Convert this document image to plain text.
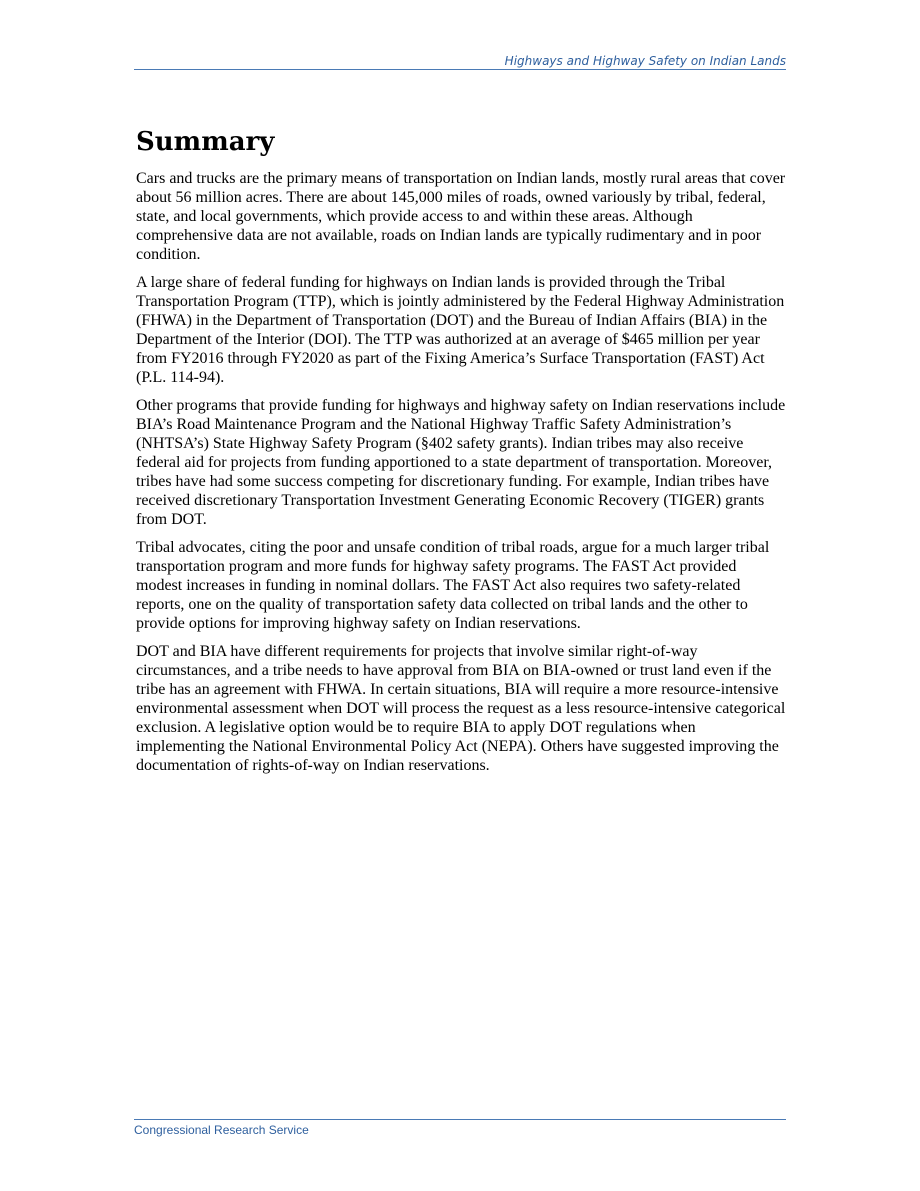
Highways and Highway Safety on Indian Lands
Summary

Cars and trucks are the primary means of transportation on Indian lands, mostly rural areas that cover about 56 million acres. There are about 145,000 miles of roads, owned variously by tribal, federal, state, and local governments, which provide access to and within these areas. Although comprehensive data are not available, roads on Indian lands are typically rudimentary and in poor condition.

A large share of federal funding for highways on Indian lands is provided through the Tribal Transportation Program (TTP), which is jointly administered by the Federal Highway Administration (FHWA) in the Department of Transportation (DOT) and the Bureau of Indian Affairs (BIA) in the Department of the Interior (DOI). The TTP was authorized at an average of $465 million per year from FY2016 through FY2020 as part of the Fixing America’s Surface Transportation (FAST) Act (P.L. 114-94).

Other programs that provide funding for highways and highway safety on Indian reservations include BIA’s Road Maintenance Program and the National Highway Traffic Safety Administration’s (NHTSA’s) State Highway Safety Program (§402 safety grants). Indian tribes may also receive federal aid for projects from funding apportioned to a state department of transportation. Moreover, tribes have had some success competing for discretionary funding. For example, Indian tribes have received discretionary Transportation Investment Generating Economic Recovery (TIGER) grants from DOT.

Tribal advocates, citing the poor and unsafe condition of tribal roads, argue for a much larger tribal transportation program and more funds for highway safety programs. The FAST Act provided modest increases in funding in nominal dollars. The FAST Act also requires two safety-related reports, one on the quality of transportation safety data collected on tribal lands and the other to provide options for improving highway safety on Indian reservations.

DOT and BIA have different requirements for projects that involve similar right-of-way circumstances, and a tribe needs to have approval from BIA on BIA-owned or trust land even if the tribe has an agreement with FHWA. In certain situations, BIA will require a more resource-intensive environmental assessment when DOT will process the request as a less resource-intensive categorical exclusion. A legislative option would be to require BIA to apply DOT regulations when implementing the National Environmental Policy Act (NEPA). Others have suggested improving the documentation of rights-of-way on Indian reservations.

Congressional Research Service
